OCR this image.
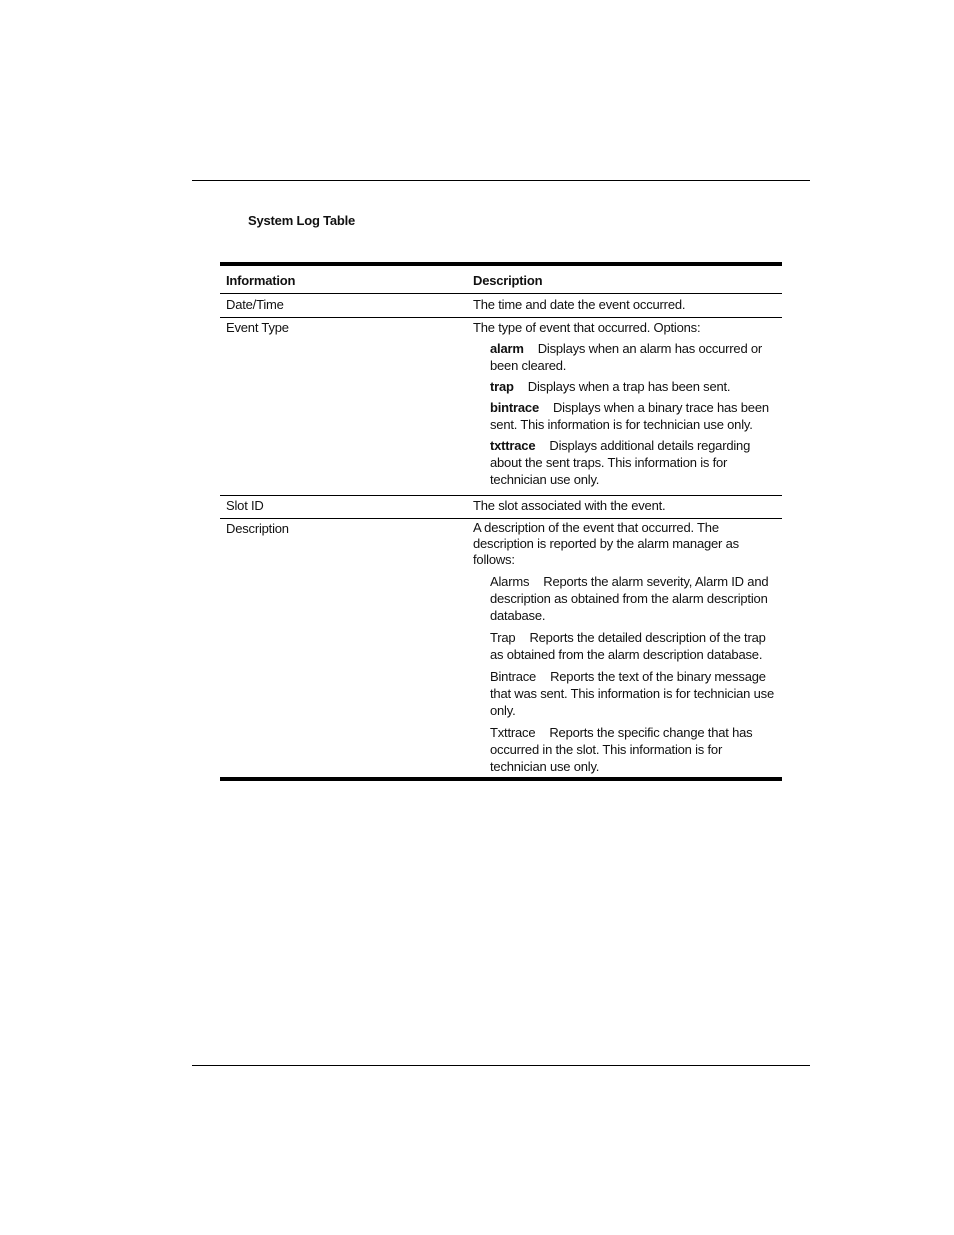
System Log Table
Information	Description
Date/Time	The time and date the event occurred.
Event Type	The type of event that occurred. Options:

alarm Displays when an alarm has occurred or been cleared.

trap Displays when a trap has been sent.

bintrace Displays when a binary trace has been sent. This information is for technician use only.

txttrace Displays additional details regarding about the sent traps. This information is for technician use only.

Slot ID	The slot associated with the event.
Description	A description of the event that occurred. The description is reported by the alarm manager as follows:

Alarms Reports the alarm severity, Alarm ID and description as obtained from the alarm description database.

Trap Reports the detailed description of the trap as obtained from the alarm description database.

Bintrace Reports the text of the binary message that was sent. This information is for technician use only.

Txttrace Reports the specific change that has occurred in the slot. This information is for technician use only.
